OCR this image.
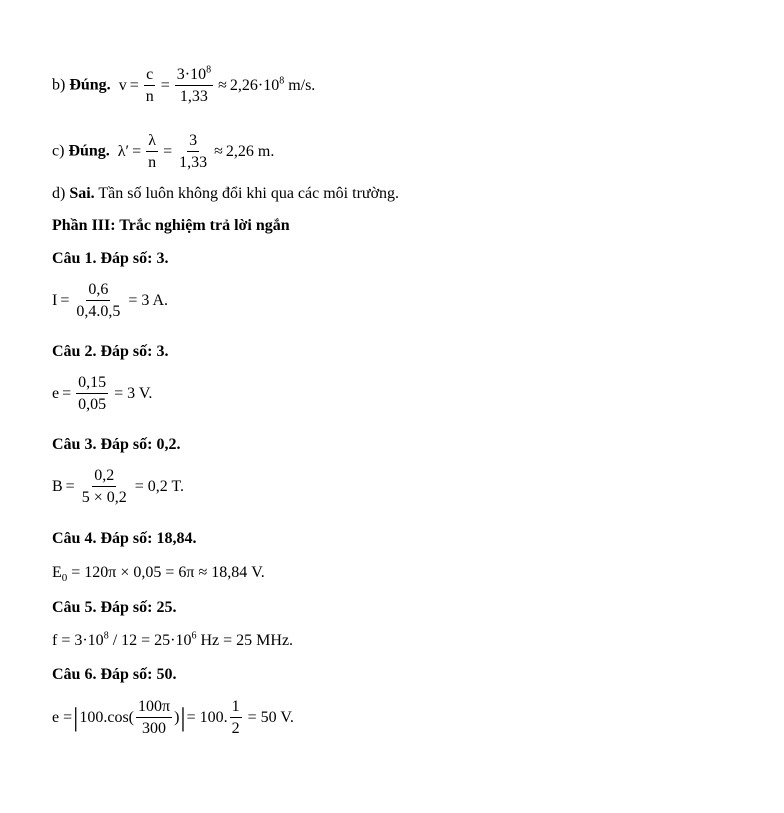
b) Đúng. $v = \frac{c}{n} = \frac{3\cdot 10^8}{1,33} \approx 2,26\cdot 10^8$ m/s.
c) Đúng. $\lambda' = \frac{\lambda}{n} = \frac{3}{1,33} \approx 2,26$ m.
d) Sai. Tần số luôn không đổi khi qua các môi trường.
Phần III: Trắc nghiệm trả lời ngắn
Câu 1. Đáp số: 3.
$I = \frac{0,6}{0,4.0,5} = 3$ A.
Câu 2. Đáp số: 3.
$e = \frac{0,15}{0,05} = 3$ V.
Câu 3. Đáp số: 0,2.
$B = \frac{0,2}{5 \times 0,2} = 0,2$ T.
Câu 4. Đáp số: 18,84.
$E_0 = 120\pi \times 0,05 = 6\pi \approx 18,84$ V.
Câu 5. Đáp số: 25.
$f = 3\cdot 10^8 / 12 = 25\cdot 10^6$ Hz = 25 MHz.
Câu 6. Đáp số: 50.
e = | $100.\cos( \frac{100\pi}{300}$ ) | = 100. $\frac{1}{2} = 50$ V.
